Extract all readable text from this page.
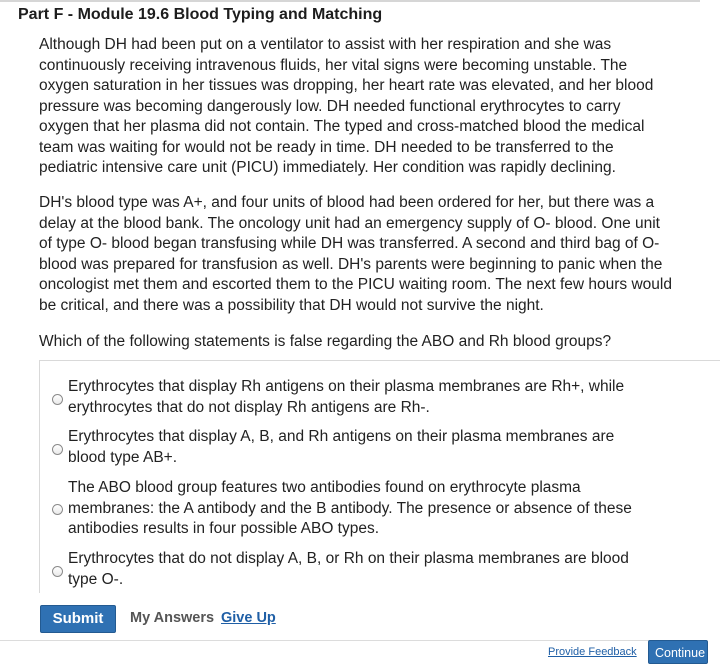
Part F - Module 19.6 Blood Typing and Matching
Although DH had been put on a ventilator to assist with her respiration and she was
continuously receiving intravenous fluids, her vital signs were becoming unstable. The
oxygen saturation in her tissues was dropping, her heart rate was elevated, and her blood
pressure was becoming dangerously low. DH needed functional erythrocytes to carry
oxygen that her plasma did not contain. The typed and cross-matched blood the medical
team was waiting for would not be ready in time. DH needed to be transferred to the
pediatric intensive care unit (PICU) immediately. Her condition was rapidly declining.
DH's blood type was A+, and four units of blood had been ordered for her, but there was a
delay at the blood bank. The oncology unit had an emergency supply of O- blood. One unit
of type O- blood began transfusing while DH was transferred. A second and third bag of O-
blood was prepared for transfusion as well. DH's parents were beginning to panic when the
oncologist met them and escorted them to the PICU waiting room. The next few hours would
be critical, and there was a possibility that DH would not survive the night.
Which of the following statements is false regarding the ABO and Rh blood groups?
Erythrocytes that display Rh antigens on their plasma membranes are Rh+, while
erythrocytes that do not display Rh antigens are Rh-.
Erythrocytes that display A, B, and Rh antigens on their plasma membranes are
blood type AB+.
The ABO blood group features two antibodies found on erythrocyte plasma
membranes: the A antibody and the B antibody. The presence or absence of these
antibodies results in four possible ABO types.
Erythrocytes that do not display A, B, or Rh on their plasma membranes are blood
type O-.
Submit	My Answers Give Up
Provide Feedback	Continue
